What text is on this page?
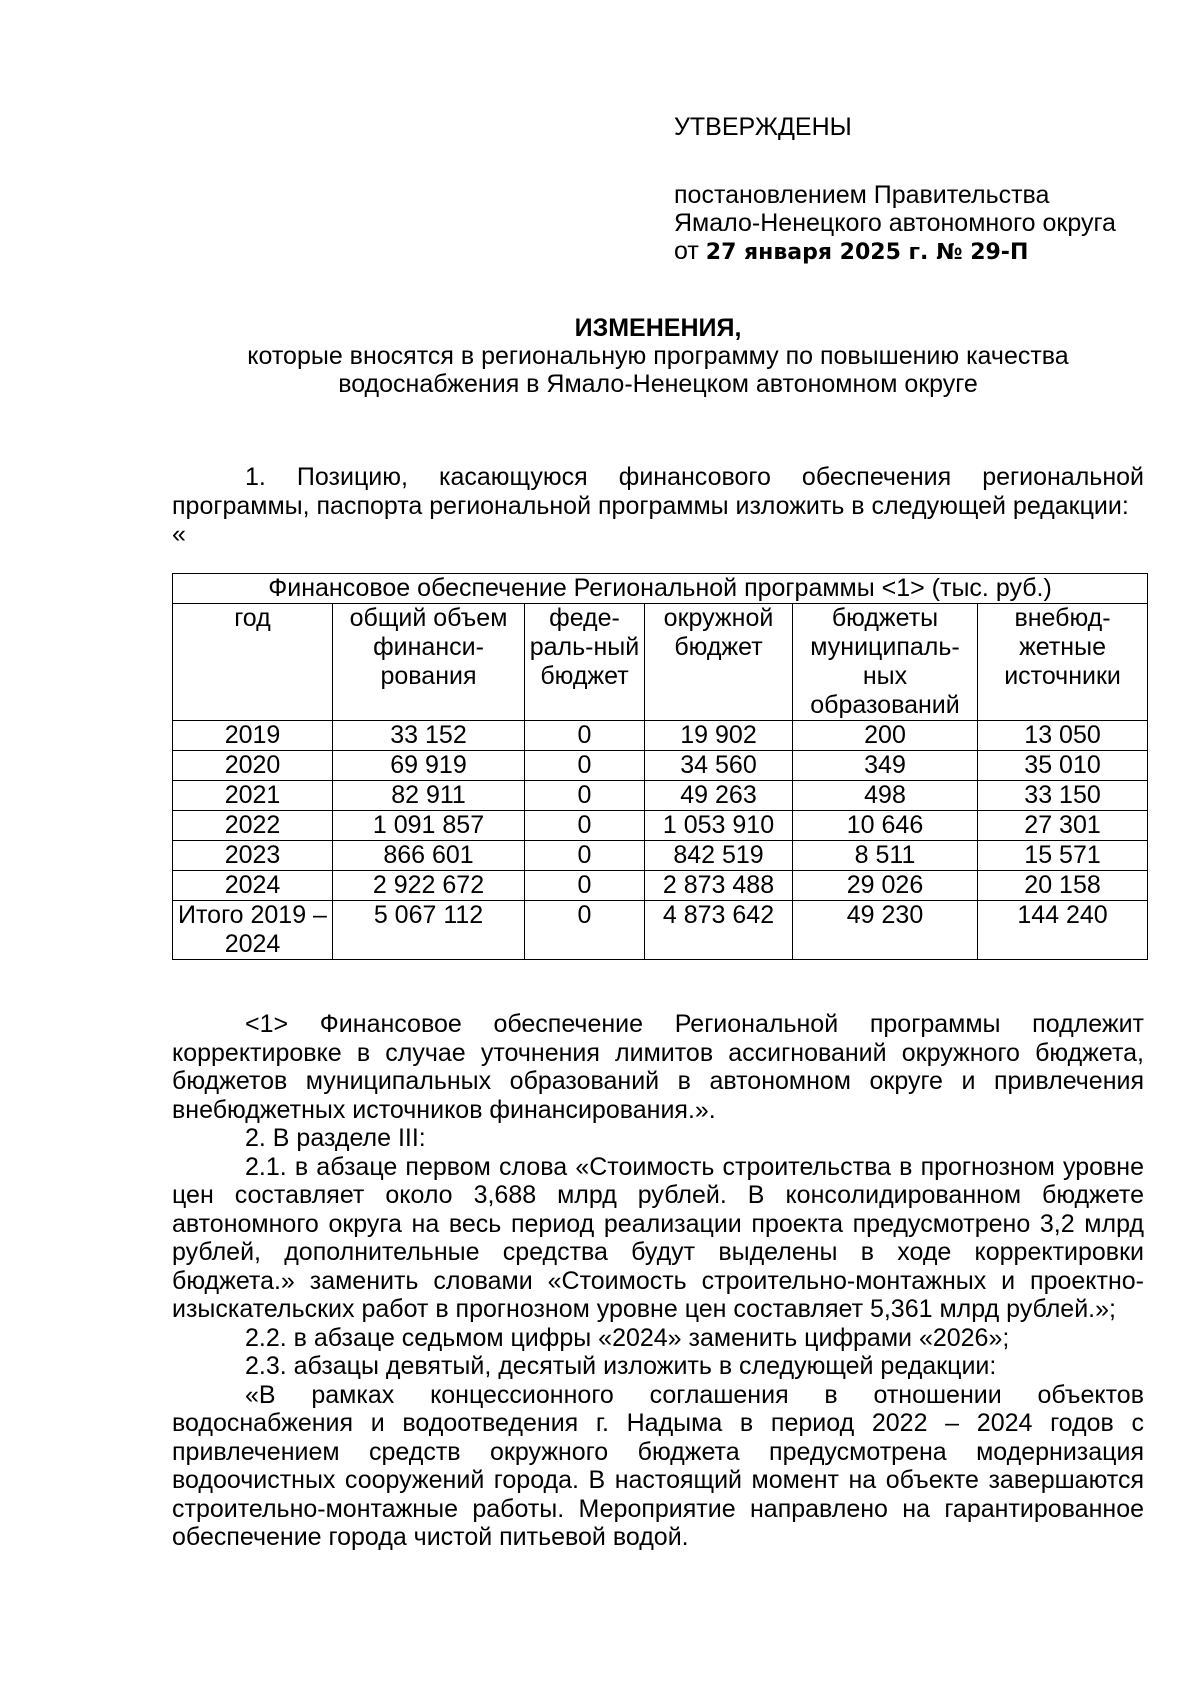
УТВЕРЖДЕНЫ
постановлением Правительства
Ямало-Ненецкого автономного округа
от 27 января 2025 г. № 29-П
ИЗМЕНЕНИЯ,
которые вносятся в региональную программу по повышению качества
водоснабжения в Ямало-Ненецком автономном округе

1. Позицию, касающуюся финансового обеспечения региональной программы, паспорта региональной программы изложить в следующей редакции:

«

Финансовое обеспечение Региональной программы <1> (тыс. руб.)					
год	общий объем финанси-рования	феде-раль-ный бюджет	окружной бюджет	бюджеты муниципаль-ных образований	внебюд-жетные источники
2019	33 152	0	19 902	200	13 050
2020	69 919	0	34 560	349	35 010
2021	82 911	0	49 263	498	33 150
2022	1 091 857	0	1 053 910	10 646	27 301
2023	866 601	0	842 519	8 511	15 571
2024	2 922 672	0	2 873 488	29 026	20 158
Итого 2019 – 2024	5 067 112	0	4 873 642	49 230	144 240

<1> Финансовое обеспечение Региональной программы подлежит корректировке в случае уточнения лимитов ассигнований окружного бюджета, бюджетов муниципальных образований в автономном округе и привлечения внебюджетных источников финансирования.».

2. В разделе III:

2.1. в абзаце первом слова «Стоимость строительства в прогнозном уровне цен составляет около 3,688 млрд рублей. В консолидированном бюджете автономного округа на весь период реализации проекта предусмотрено 3,2 млрд рублей, дополнительные средства будут выделены в ходе корректировки бюджета.» заменить словами «Стоимость строительно-монтажных и проектно-изыскательских работ в прогнозном уровне цен составляет 5,361 млрд рублей.»;

2.2. в абзаце седьмом цифры «2024» заменить цифрами «2026»;

2.3. абзацы девятый, десятый изложить в следующей редакции:

«В рамках концессионного соглашения в отношении объектов водоснабжения и водоотведения г. Надыма в период 2022 – 2024 годов с привлечением средств окружного бюджета предусмотрена модернизация водоочистных сооружений города. В настоящий момент на объекте завершаются строительно-монтажные работы. Мероприятие направлено на гарантированное обеспечение города чистой питьевой водой.
